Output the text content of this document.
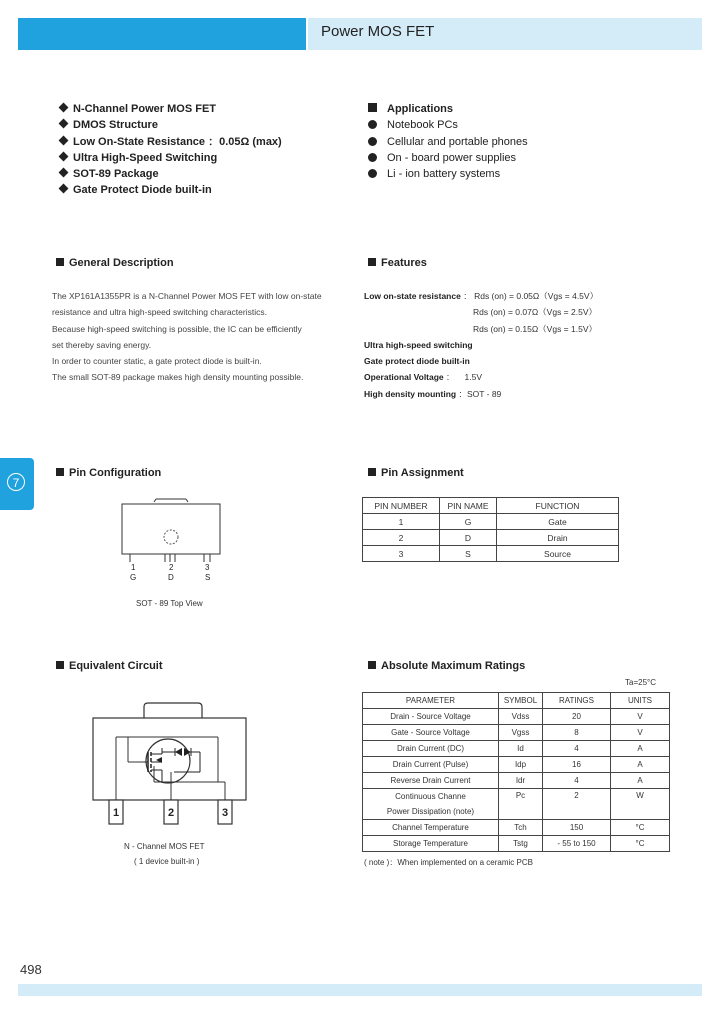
Power MOS FET
7
N-Channel Power MOS FET
DMOS Structure
Low On-State Resistance ：0.05Ω (max)
Ultra High-Speed Switching
SOT-89 Package
Gate Protect Diode built-in
Applications
Notebook PCs
Cellular and portable phones
On - board power supplies
Li - ion battery systems
General Description
The XP161A1355PR is a N-Channel Power MOS FET with low on-state
resistance and ultra high-speed switching characteristics.
Because high-speed switching is possible, the IC can be efficiently
set thereby saving energy.
In order to counter static, a gate protect diode is built-in.
The small SOT-89 package makes high density mounting possible.
Features
Low on-state resistance ： Rds (on) = 0.05Ω（Vgs = 4.5V）
Rds (on) = 0.07Ω（Vgs = 2.5V）
Rds (on) = 0.15Ω（Vgs = 1.5V）
Ultra high-speed switching
Gate protect diode built-in
Operational Voltage ： 1.5V
High density mounting ：SOT - 89
Pin Configuration
1	2	3
G	D	S
SOT - 89 Top View
Pin Assignment
PIN NUMBER	PIN NAME	FUNCTION
1	G	Gate
2	D	Drain
3	S	Source
Equivalent Circuit
1	2	3
N - Channel MOS FET
( 1 device built-in )
Absolute Maximum Ratings
Ta=25°C
PARAMETER	SYMBOL	RATINGS	UNITS
Drain - Source Voltage	Vdss	20	V
Gate - Source Voltage	Vgss	8	V
Drain Current (DC)	Id	4	A
Drain Current (Pulse)	Idp	16	A
Reverse Drain Current	Idr	4	A

Continuous Channe
Power Dissipation (note)	Pc	2	W
Channel Temperature	Tch	150	°C
Storage Temperature	Tstg	- 55 to 150	°C
( note )：When implemented on a ceramic PCB
498
